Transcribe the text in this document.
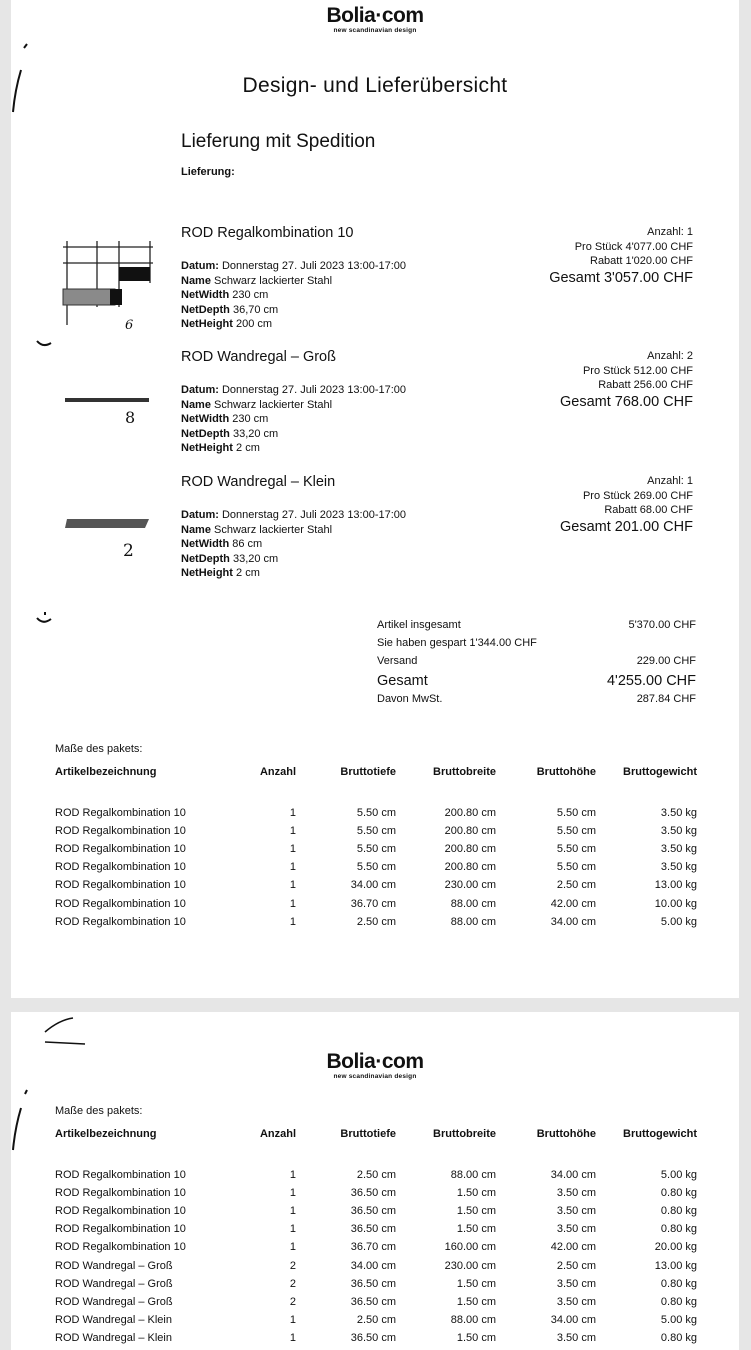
Bolia·com
new scandinavian design
Design- und Lieferübersicht
Lieferung mit Spedition
Lieferung:
6
ROD Regalkombination 10
Datum: Donnerstag 27. Juli 2023 13:00-17:00
Name Schwarz lackierter Stahl
NetWidth 230 cm
NetDepth 36,70 cm
NetHeight 200 cm
Anzahl: 1
Pro Stück 4'077.00 CHF
Rabatt 1'020.00 CHF
Gesamt 3'057.00 CHF
8
ROD Wandregal – Groß
Datum: Donnerstag 27. Juli 2023 13:00-17:00
Name Schwarz lackierter Stahl
NetWidth 230 cm
NetDepth 33,20 cm
NetHeight 2 cm
Anzahl: 2
Pro Stück 512.00 CHF
Rabatt 256.00 CHF
Gesamt 768.00 CHF
2
ROD Wandregal – Klein
Datum: Donnerstag 27. Juli 2023 13:00-17:00
Name Schwarz lackierter Stahl
NetWidth 86 cm
NetDepth 33,20 cm
NetHeight 2 cm
Anzahl: 1
Pro Stück 269.00 CHF
Rabatt 68.00 CHF
Gesamt 201.00 CHF
Artikel insgesamt	5'370.00 CHF
Sie haben gespart 1'344.00 CHF
Versand	229.00 CHF
Gesamt	4'255.00 CHF
Davon MwSt.	287.84 CHF
Maße des pakets:
Artikelbezeichnung	Anzahl	Bruttotiefe	Bruttobreite	Bruttohöhe	Bruttogewicht

ROD Regalkombination 10	1	5.50 cm	200.80 cm	5.50 cm	3.50 kg
ROD Regalkombination 10	1	5.50 cm	200.80 cm	5.50 cm	3.50 kg
ROD Regalkombination 10	1	5.50 cm	200.80 cm	5.50 cm	3.50 kg
ROD Regalkombination 10	1	5.50 cm	200.80 cm	5.50 cm	3.50 kg
ROD Regalkombination 10	1	34.00 cm	230.00 cm	2.50 cm	13.00 kg
ROD Regalkombination 10	1	36.70 cm	88.00 cm	42.00 cm	10.00 kg
ROD Regalkombination 10	1	2.50 cm	88.00 cm	34.00 cm	5.00 kg
Bolia·com
new scandinavian design
Maße des pakets:
Artikelbezeichnung	Anzahl	Bruttotiefe	Bruttobreite	Bruttohöhe	Bruttogewicht

ROD Regalkombination 10	1	2.50 cm	88.00 cm	34.00 cm	5.00 kg
ROD Regalkombination 10	1	36.50 cm	1.50 cm	3.50 cm	0.80 kg
ROD Regalkombination 10	1	36.50 cm	1.50 cm	3.50 cm	0.80 kg
ROD Regalkombination 10	1	36.50 cm	1.50 cm	3.50 cm	0.80 kg
ROD Regalkombination 10	1	36.70 cm	160.00 cm	42.00 cm	20.00 kg
ROD Wandregal – Groß	2	34.00 cm	230.00 cm	2.50 cm	13.00 kg
ROD Wandregal – Groß	2	36.50 cm	1.50 cm	3.50 cm	0.80 kg
ROD Wandregal – Groß	2	36.50 cm	1.50 cm	3.50 cm	0.80 kg
ROD Wandregal – Klein	1	2.50 cm	88.00 cm	34.00 cm	5.00 kg
ROD Wandregal – Klein	1	36.50 cm	1.50 cm	3.50 cm	0.80 kg
